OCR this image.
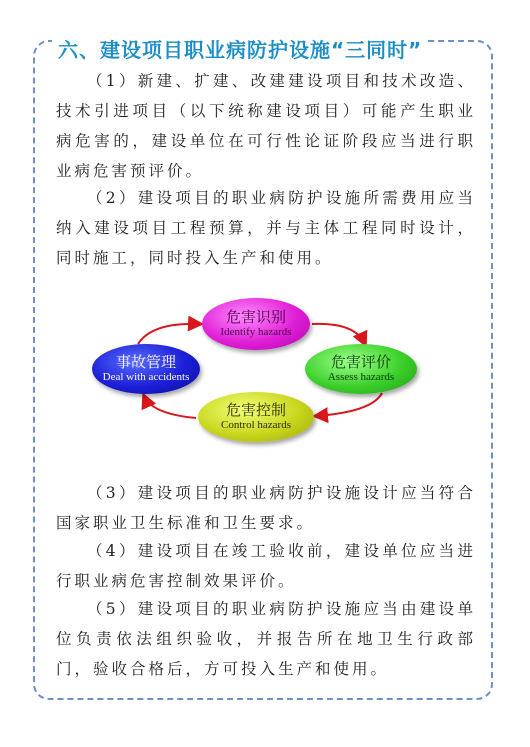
六、建设项目职业病防护设施“三同时”

（1）新建、扩建、改建建设项目和技术改造、技术引进项目（以下统称建设项目）可能产生职业病危害的，建设单位在可行性论证阶段应当进行职业病危害预评价。

（2）建设项目的职业病防护设施所需费用应当纳入建设项目工程预算，并与主体工程同时设计，同时施工，同时投入生产和使用。

危害识别
Identify hazards
危害评价
Assess hazards
危害控制
Control hazards
事故管理
Deal with accidents

（3）建设项目的职业病防护设施设计应当符合国家职业卫生标准和卫生要求。

（4）建设项目在竣工验收前，建设单位应当进行职业病危害控制效果评价。

（5）建设项目的职业病防护设施应当由建设单位负责依法组织验收，并报告所在地卫生行政部门，验收合格后，方可投入生产和使用。
